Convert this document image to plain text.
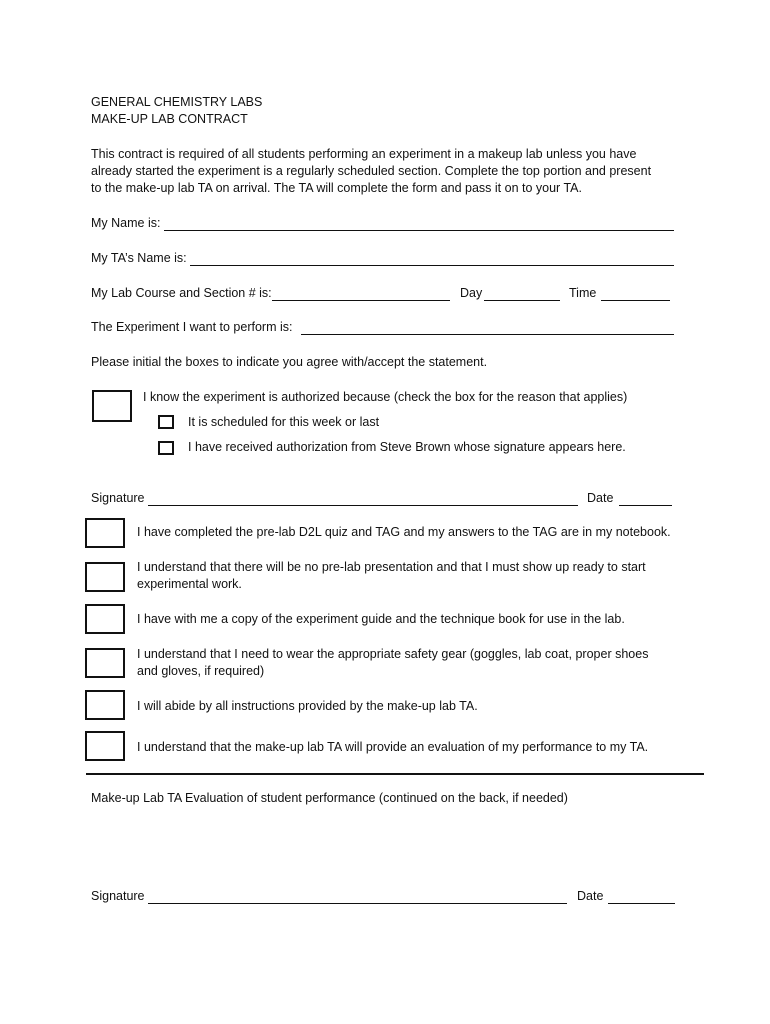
GENERAL CHEMISTRY LABS
MAKE-UP LAB CONTRACT
This contract is required of all students performing an experiment in a makeup lab unless you have
already started the experiment is a regularly scheduled section. Complete the top portion and present
to the make-up lab TA on arrival. The TA will complete the form and pass it on to your TA.
My Name is:
My TA’s Name is:
My Lab Course and Section # is:	Day	Time
The Experiment I want to perform is:
Please initial the boxes to indicate you agree with/accept the statement.
I know the experiment is authorized because (check the box for the reason that applies)
It is scheduled for this week or last
I have received authorization from Steve Brown whose signature appears here.
Signature	Date
I have completed the pre-lab D2L quiz and TAG and my answers to the TAG are in my notebook.
I understand that there will be no pre-lab presentation and that I must show up ready to start
experimental work.
I have with me a copy of the experiment guide and the technique book for use in the lab.
I understand that I need to wear the appropriate safety gear (goggles, lab coat, proper shoes
and gloves, if required)
I will abide by all instructions provided by the make-up lab TA.
I understand that the make-up lab TA will provide an evaluation of my performance to my TA.
Make-up Lab TA Evaluation of student performance (continued on the back, if needed)
Signature	Date
